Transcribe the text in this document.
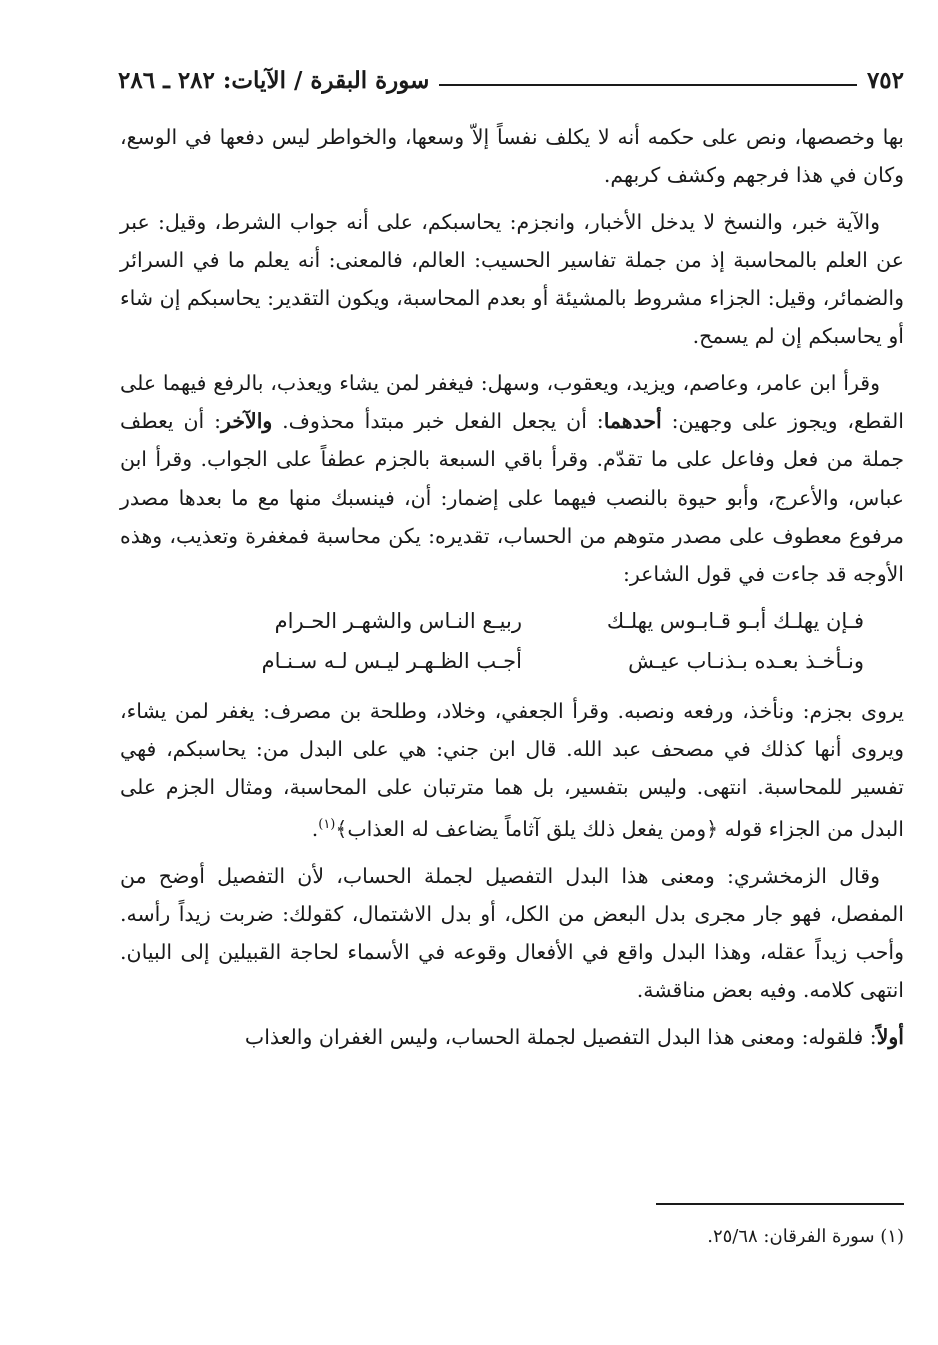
٧٥٢
سورة البقرة / الآيات: ٢٨٢ ـ ٢٨٦

بها وخصصها، ونص على حكمه أنه لا يكلف نفساً إلاّ وسعها، والخواطر ليس دفعها في الوسع، وكان في هذا فرجهم وكشف كربهم.

والآية خبر، والنسخ لا يدخل الأخبار، وانجزم: يحاسبكم، على أنه جواب الشرط، وقيل: عبر عن العلم بالمحاسبة إذ من جملة تفاسير الحسيب: العالم، فالمعنى: أنه يعلم ما في السرائر والضمائر، وقيل: الجزاء مشروط بالمشيئة أو بعدم المحاسبة، ويكون التقدير: يحاسبكم إن شاء أو يحاسبكم إن لم يسمح.

وقرأ ابن عامر، وعاصم، ويزيد، ويعقوب، وسهل: فيغفر لمن يشاء ويعذب، بالرفع فيهما على القطع، ويجوز على وجهين: أحدهما: أن يجعل الفعل خبر مبتدأ محذوف. والآخر: أن يعطف جملة من فعل وفاعل على ما تقدّم. وقرأ باقي السبعة بالجزم عطفاً على الجواب. وقرأ ابن عباس، والأعرج، وأبو حيوة بالنصب فيهما على إضمار: أن، فينسبك منها مع ما بعدها مصدر مرفوع معطوف على مصدر متوهم من الحساب، تقديره: يكن محاسبة فمغفرة وتعذيب، وهذه الأوجه قد جاءت في قول الشاعر:

فـإن يهلـك أبـو قـابـوس يهلـك
ربيـع النـاس والشهـر الحـرام
ونـأخـذ بعـده بـذنـاب عيـش
أجـب الظـهـر ليـس لـه سـنـام

يروى بجزم: ونأخذ، ورفعه ونصبه. وقرأ الجعفي، وخلاد، وطلحة بن مصرف: يغفر لمن يشاء، ويروى أنها كذلك في مصحف عبد الله. قال ابن جني: هي على البدل من: يحاسبكم، فهي تفسير للمحاسبة. انتهى. وليس بتفسير، بل هما مترتبان على المحاسبة، ومثال الجزم على البدل من الجزاء قوله ﴿ومن يفعل ذلك يلق آثاماً يضاعف له العذاب﴾$^{(١)}$.

وقال الزمخشري: ومعنى هذا البدل التفصيل لجملة الحساب، لأن التفصيل أوضح من المفصل، فهو جار مجرى بدل البعض من الكل، أو بدل الاشتمال، كقولك: ضربت زيداً رأسه. وأحب زيداً عقله، وهذا البدل واقع في الأفعال وقوعه في الأسماء لحاجة القبيلين إلى البيان. انتهى كلامه. وفيه بعض مناقشة.

أولاً: فلقوله: ومعنى هذا البدل التفصيل لجملة الحساب، وليس الغفران والعذاب

(١) سورة الفرقان: ٢٥/٦٨.
